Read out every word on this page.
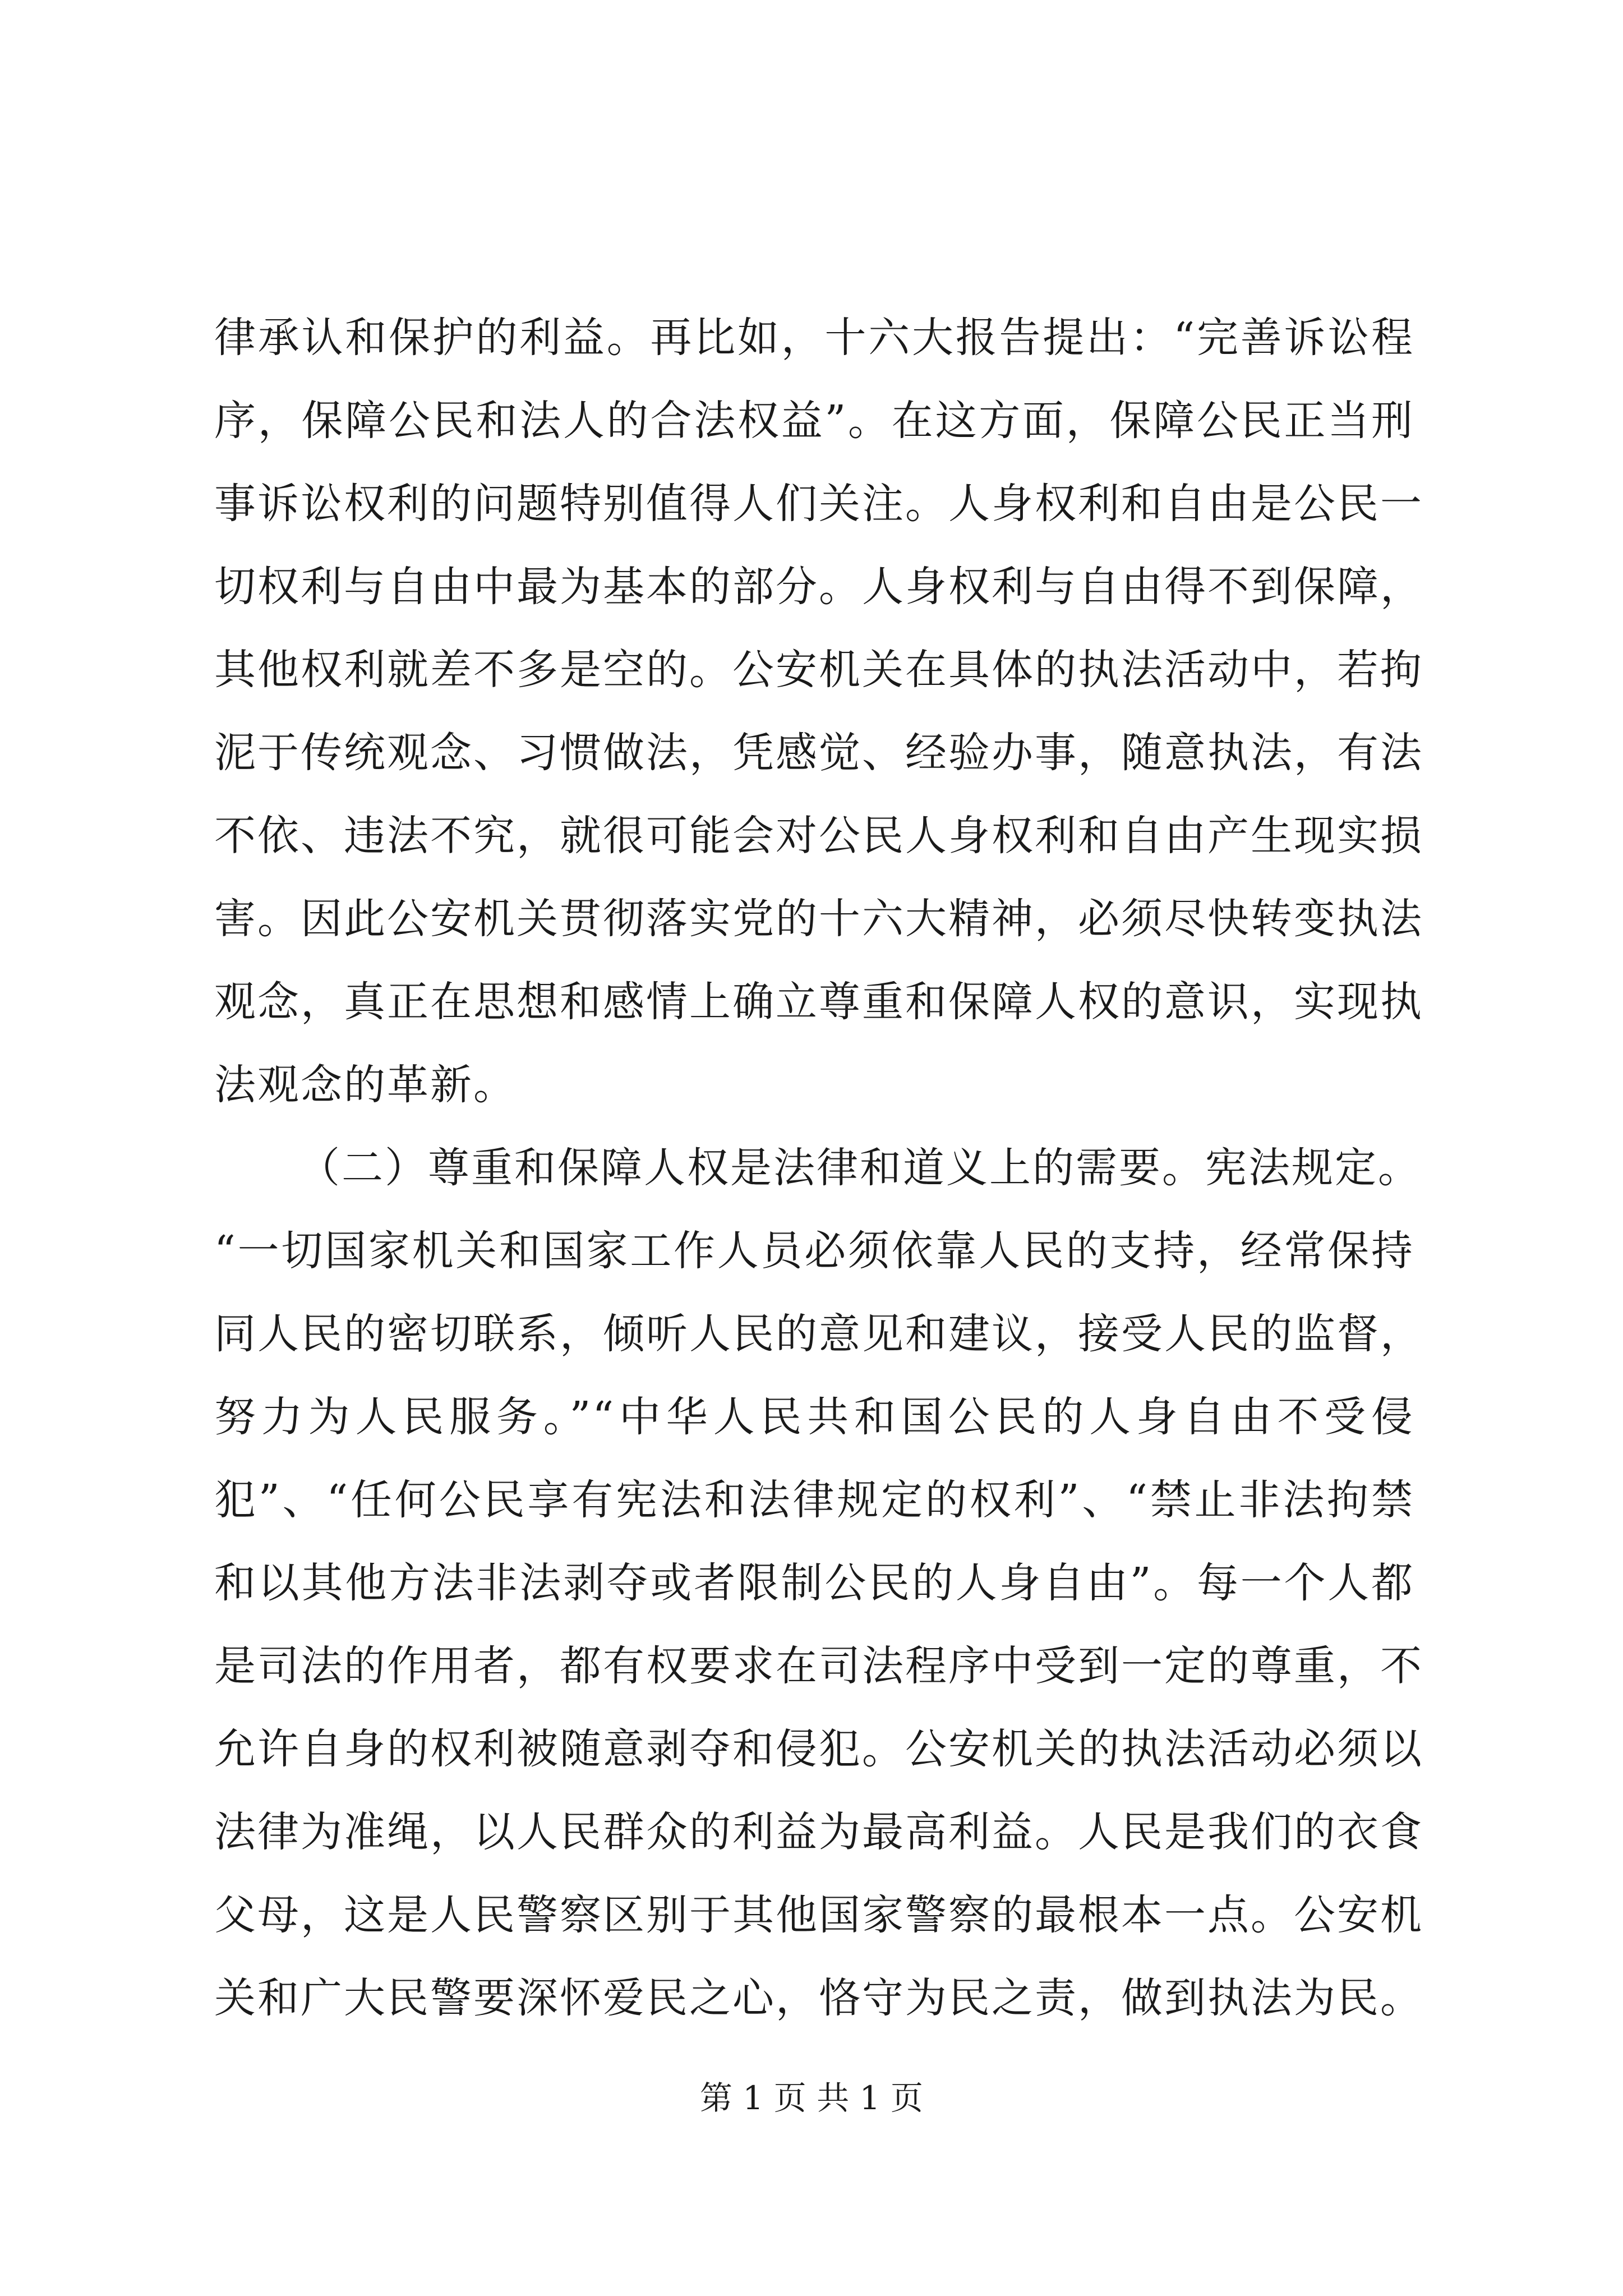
律承认和保护的利益。再比如，十六大报告提出：“完善诉讼程
序，保障公民和法人的合法权益”。在这方面，保障公民正当刑
事诉讼权利的问题特别值得人们关注。人身权利和自由是公民一
切权利与自由中最为基本的部分。人身权利与自由得不到保障，
其他权利就差不多是空的。公安机关在具体的执法活动中，若拘
泥于传统观念、习惯做法，凭感觉、经验办事，随意执法，有法
不依、违法不究，就很可能会对公民人身权利和自由产生现实损
害。因此公安机关贯彻落实党的十六大精神，必须尽快转变执法
观念，真正在思想和感情上确立尊重和保障人权的意识，实现执
法观念的革新。
（二）尊重和保障人权是法律和道义上的需要。宪法规定。
“一切国家机关和国家工作人员必须依靠人民的支持，经常保持
同人民的密切联系，倾听人民的意见和建议，接受人民的监督，
努力为人民服务。”“中华人民共和国公民的人身自由不受侵
犯”、“任何公民享有宪法和法律规定的权利”、“禁止非法拘禁
和以其他方法非法剥夺或者限制公民的人身自由”。每一个人都
是司法的作用者，都有权要求在司法程序中受到一定的尊重，不
允许自身的权利被随意剥夺和侵犯。公安机关的执法活动必须以
法律为准绳，以人民群众的利益为最高利益。人民是我们的衣食
父母，这是人民警察区别于其他国家警察的最根本一点。公安机
关和广大民警要深怀爱民之心，恪守为民之责，做到执法为民。
第 1 页 共 1 页
